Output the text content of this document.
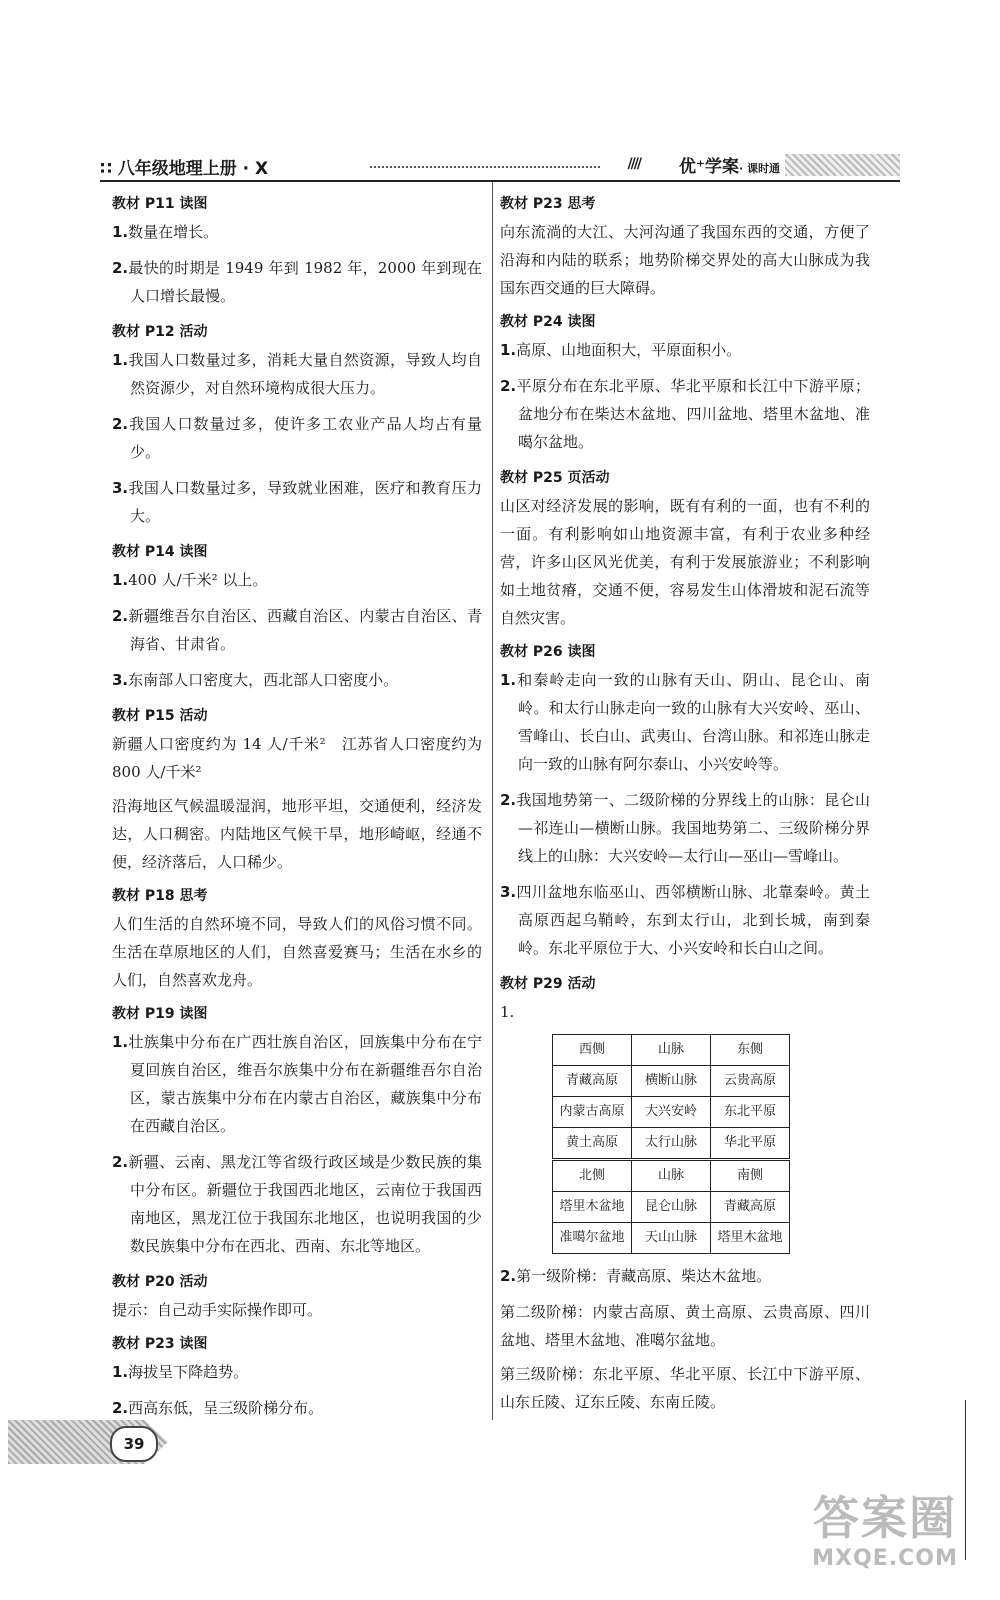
∷ 八年级地理上册 · X	//// 优⁺学案· 课时通
教材 P11 读图
1.数量在增长。
2.最快的时期是 1949 年到 1982 年，2000 年到现在人口增长最慢。
教材 P12 活动
1.我国人口数量过多，消耗大量自然资源，导致人均自然资源少，对自然环境构成很大压力。
2.我国人口数量过多，使许多工农业产品人均占有量少。
3.我国人口数量过多，导致就业困难，医疗和教育压力大。
教材 P14 读图
1.400 人/千米² 以上。
2.新疆维吾尔自治区、西藏自治区、内蒙古自治区、青海省、甘肃省。
3.东南部人口密度大，西北部人口密度小。
教材 P15 活动
新疆人口密度约为 14 人/千米²　江苏省人口密度约为 800 人/千米²
沿海地区气候温暖湿润，地形平坦，交通便利，经济发达，人口稠密。内陆地区气候干旱，地形崎岖，经通不便，经济落后，人口稀少。
教材 P18 思考
人们生活的自然环境不同，导致人们的风俗习惯不同。生活在草原地区的人们，自然喜爱赛马；生活在水乡的人们，自然喜欢龙舟。
教材 P19 读图
1.壮族集中分布在广西壮族自治区，回族集中分布在宁夏回族自治区，维吾尔族集中分布在新疆维吾尔自治区，蒙古族集中分布在内蒙古自治区，藏族集中分布在西藏自治区。
2.新疆、云南、黑龙江等省级行政区域是少数民族的集中分布区。新疆位于我国西北地区，云南位于我国西南地区，黑龙江位于我国东北地区，也说明我国的少数民族集中分布在西北、西南、东北等地区。
教材 P20 活动
提示：自己动手实际操作即可。
教材 P23 读图
1.海拔呈下降趋势。
2.西高东低，呈三级阶梯分布。
教材 P23 思考
向东流淌的大江、大河沟通了我国东西的交通，方便了沿海和内陆的联系；地势阶梯交界处的高大山脉成为我国东西交通的巨大障碍。
教材 P24 读图
1.高原、山地面积大，平原面积小。
2.平原分布在东北平原、华北平原和长江中下游平原；盆地分布在柴达木盆地、四川盆地、塔里木盆地、准噶尔盆地。
教材 P25 页活动
山区对经济发展的影响，既有有利的一面，也有不利的一面。有利影响如山地资源丰富，有利于农业多种经营，许多山区风光优美，有利于发展旅游业；不利影响如土地贫瘠，交通不便，容易发生山体滑坡和泥石流等自然灾害。
教材 P26 读图
1.和秦岭走向一致的山脉有天山、阴山、昆仑山、南岭。和太行山脉走向一致的山脉有大兴安岭、巫山、雪峰山、长白山、武夷山、台湾山脉。和祁连山脉走向一致的山脉有阿尔泰山、小兴安岭等。
2.我国地势第一、二级阶梯的分界线上的山脉：昆仑山—祁连山—横断山脉。我国地势第二、三级阶梯分界线上的山脉：大兴安岭—太行山—巫山—雪峰山。
3.四川盆地东临巫山、西邻横断山脉、北靠秦岭。黄土高原西起乌鞘岭，东到太行山，北到长城，南到秦岭。东北平原位于大、小兴安岭和长白山之间。
教材 P29 活动
1.
西侧	山脉	东侧
青藏高原	横断山脉	云贵高原
内蒙古高原	大兴安岭	东北平原
黄土高原	太行山脉	华北平原
北侧	山脉	南侧
塔里木盆地	昆仑山脉	青藏高原
准噶尔盆地	天山山脉	塔里木盆地
2.第一级阶梯：青藏高原、柴达木盆地。
第二级阶梯：内蒙古高原、黄土高原、云贵高原、四川盆地、塔里木盆地、准噶尔盆地。
第三级阶梯：东北平原、华北平原、长江中下游平原、山东丘陵、辽东丘陵、东南丘陵。
39
答案圈
MXQE.COM
